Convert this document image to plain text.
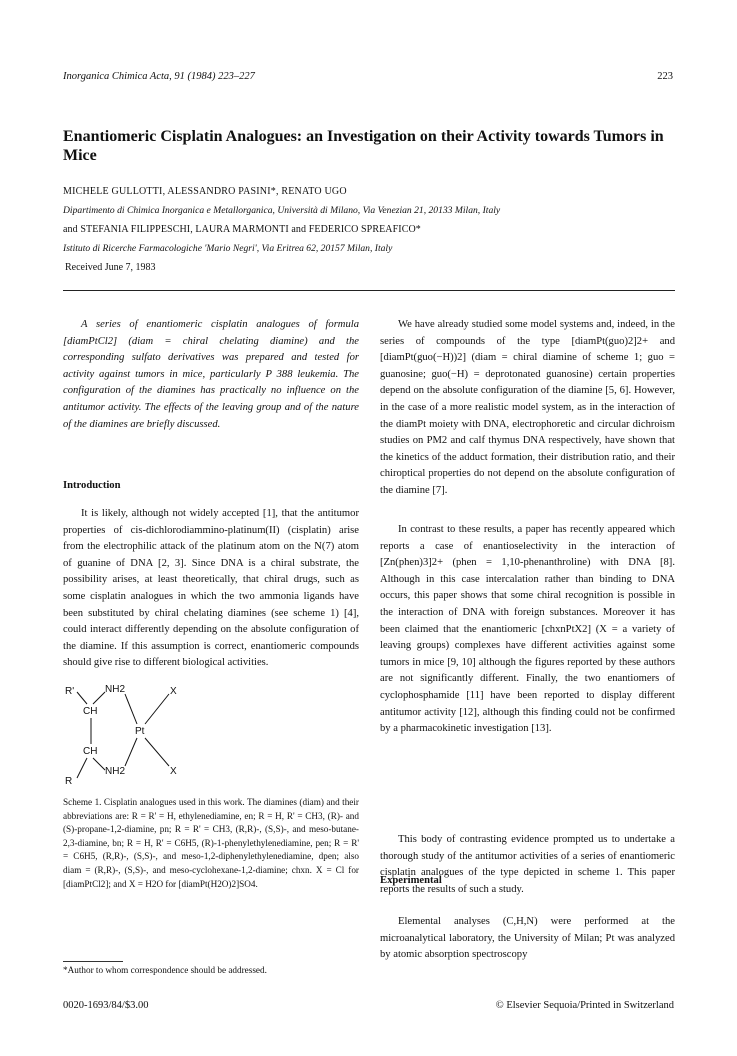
Inorganica Chimica Acta, 91 (1984) 223–227	223
Enantiomeric Cisplatin Analogues: an Investigation on their Activity towards Tumors in Mice
MICHELE GULLOTTI, ALESSANDRO PASINI*, RENATO UGO
Dipartimento di Chimica Inorganica e Metallorganica, Università di Milano, Via Venezian 21, 20133 Milan, Italy
and STEFANIA FILIPPESCHI, LAURA MARMONTI and FEDERICO SPREAFICO*
Istituto di Ricerche Farmacologiche 'Mario Negri', Via Eritrea 62, 20157 Milan, Italy
Received June 7, 1983

A series of enantiomeric cisplatin analogues of formula [diamPtCl2] (diam = chiral chelating diamine) and the corresponding sulfato derivatives was prepared and tested for activity against tumors in mice, particularly P 388 leukemia. The configuration of the diamines has practically no influence on the antitumor activity. The effects of the leaving group and of the nature of the diamines are briefly discussed.

Introduction

It is likely, although not widely accepted [1], that the antitumor properties of cis-dichlorodiammino-platinum(II) (cisplatin) arise from the electrophilic attack of the platinum atom on the N(7) atom of guanine of DNA [2, 3]. Since DNA is a chiral substrate, the possibility arises, at least theoretically, that chiral drugs, such as some cisplatin analogues in which the two ammonia ligands have been substituted by chiral chelating diamines (see scheme 1) [4], could interact differently depending on the absolute configuration of the diamine. If this assumption is correct, enantiomeric compounds should give rise to different biological activities.

R'	NH2	X
CH
Pt
CH
NH2	X
R
Scheme 1. Cisplatin analogues used in this work. The diamines (diam) and their abbreviations are: R = R' = H, ethylenediamine, en; R = H, R' = CH3, (R)- and (S)-propane-1,2-diamine, pn; R = R' = CH3, (R,R)-, (S,S)-, and meso-butane-2,3-diamine, bn; R = H, R' = C6H5, (R)-1-phenylethylenediamine, pen; R = R' = C6H5, (R,R)-, (S,S)-, and meso-1,2-diphenylethylenediamine, dpen; also diam = (R,R)-, (S,S)-, and meso-cyclohexane-1,2-diamine; chxn. X = Cl for [diamPtCl2]; and X = H2O for [diamPt(H2O)2]SO4.
*Author to whom correspondence should be addressed.
0020-1693/84/$3.00	© Elsevier Sequoia/Printed in Switzerland

We have already studied some model systems and, indeed, in the series of compounds of the type [diamPt(guo)2]2+ and [diamPt(guo(−H))2] (diam = chiral diamine of scheme 1; guo = guanosine; guo(−H) = deprotonated guanosine) certain properties depend on the absolute configuration of the diamine [5, 6]. However, in the case of a more realistic model system, as in the interaction of the diamPt moiety with DNA, electrophoretic and circular dichroism studies on PM2 and calf thymus DNA respectively, have shown that the kinetics of the adduct formation, their distribution ratio, and their chiroptical properties do not depend on the absolute configuration of the diamine [7].

In contrast to these results, a paper has recently appeared which reports a case of enantioselectivity in the interaction of [Zn(phen)3]2+ (phen = 1,10-phenanthroline) with DNA [8]. Although in this case intercalation rather than binding to DNA occurs, this paper shows that some chiral recognition is possible in the interaction of DNA with foreign substances. Moreover it has been claimed that the enantiomeric [chxnPtX2] (X = a variety of leaving groups) complexes have different activities against some tumors in mice [9, 10] although the figures reported by these authors are not significantly different. Finally, the two enantiomers of cyclophosphamide [11] have been reported to display different antitumor activity [12], although this finding could not be confirmed by a pharmacokinetic investigation [13].

This body of contrasting evidence prompted us to undertake a thorough study of the antitumor activities of a series of enantiomeric cisplatin analogues of the type depicted in scheme 1. This paper reports the results of such a study.

Experimental

Elemental analyses (C,H,N) were performed at the microanalytical laboratory, the University of Milan; Pt was analyzed by atomic absorption spectroscopy
